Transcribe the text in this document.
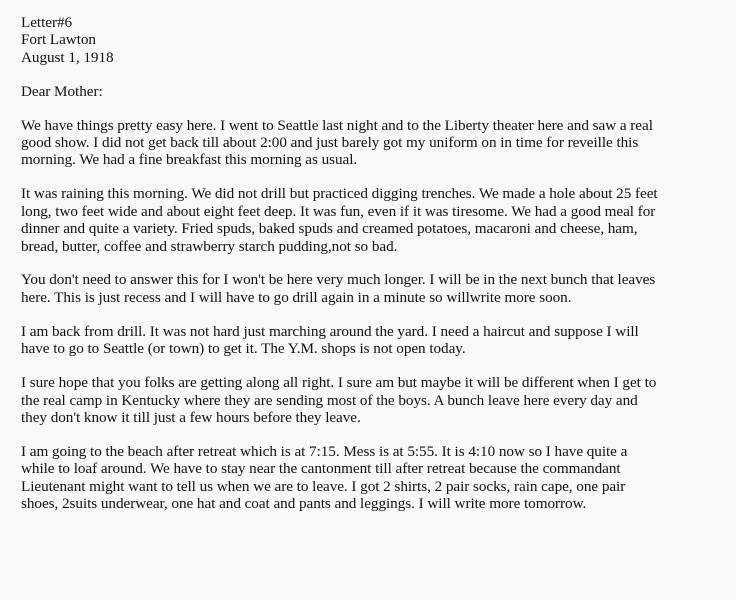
Letter#6
Fort Lawton
August 1, 1918
Dear Mother:

We have things pretty easy here. I went to Seattle last night and to the Liberty theater here and saw a real
good show. I did not get back till about 2:00 and just barely got my uniform on in time for reveille this
morning. We had a fine breakfast this morning as usual.

It was raining this morning. We did not drill but practiced digging trenches. We made a hole about 25 feet
long, two feet wide and about eight feet deep. It was fun, even if it was tiresome. We had a good meal for
dinner and quite a variety. Fried spuds, baked spuds and creamed potatoes, macaroni and cheese, ham,
bread, butter, coffee and strawberry starch pudding,not so bad.

You don't need to answer this for I won't be here very much longer. I will be in the next bunch that leaves
here. This is just recess and I will have to go drill again in a minute so willwrite more soon.

I am back from drill. It was not hard just marching around the yard. I need a haircut and suppose I will
have to go to Seattle (or town) to get it. The Y.M. shops is not open today.

I sure hope that you folks are getting along all right. I sure am but maybe it will be different when I get to
the real camp in Kentucky where they are sending most of the boys. A bunch leave here every day and
they don't know it till just a few hours before they leave.

I am going to the beach after retreat which is at 7:15. Mess is at 5:55. It is 4:10 now so I have quite a
while to loaf around. We have to stay near the cantonment till after retreat because the commandant
Lieutenant might want to tell us when we are to leave. I got 2 shirts, 2 pair socks, rain cape, one pair
shoes, 2suits underwear, one hat and coat and pants and leggings. I will write more tomorrow.
